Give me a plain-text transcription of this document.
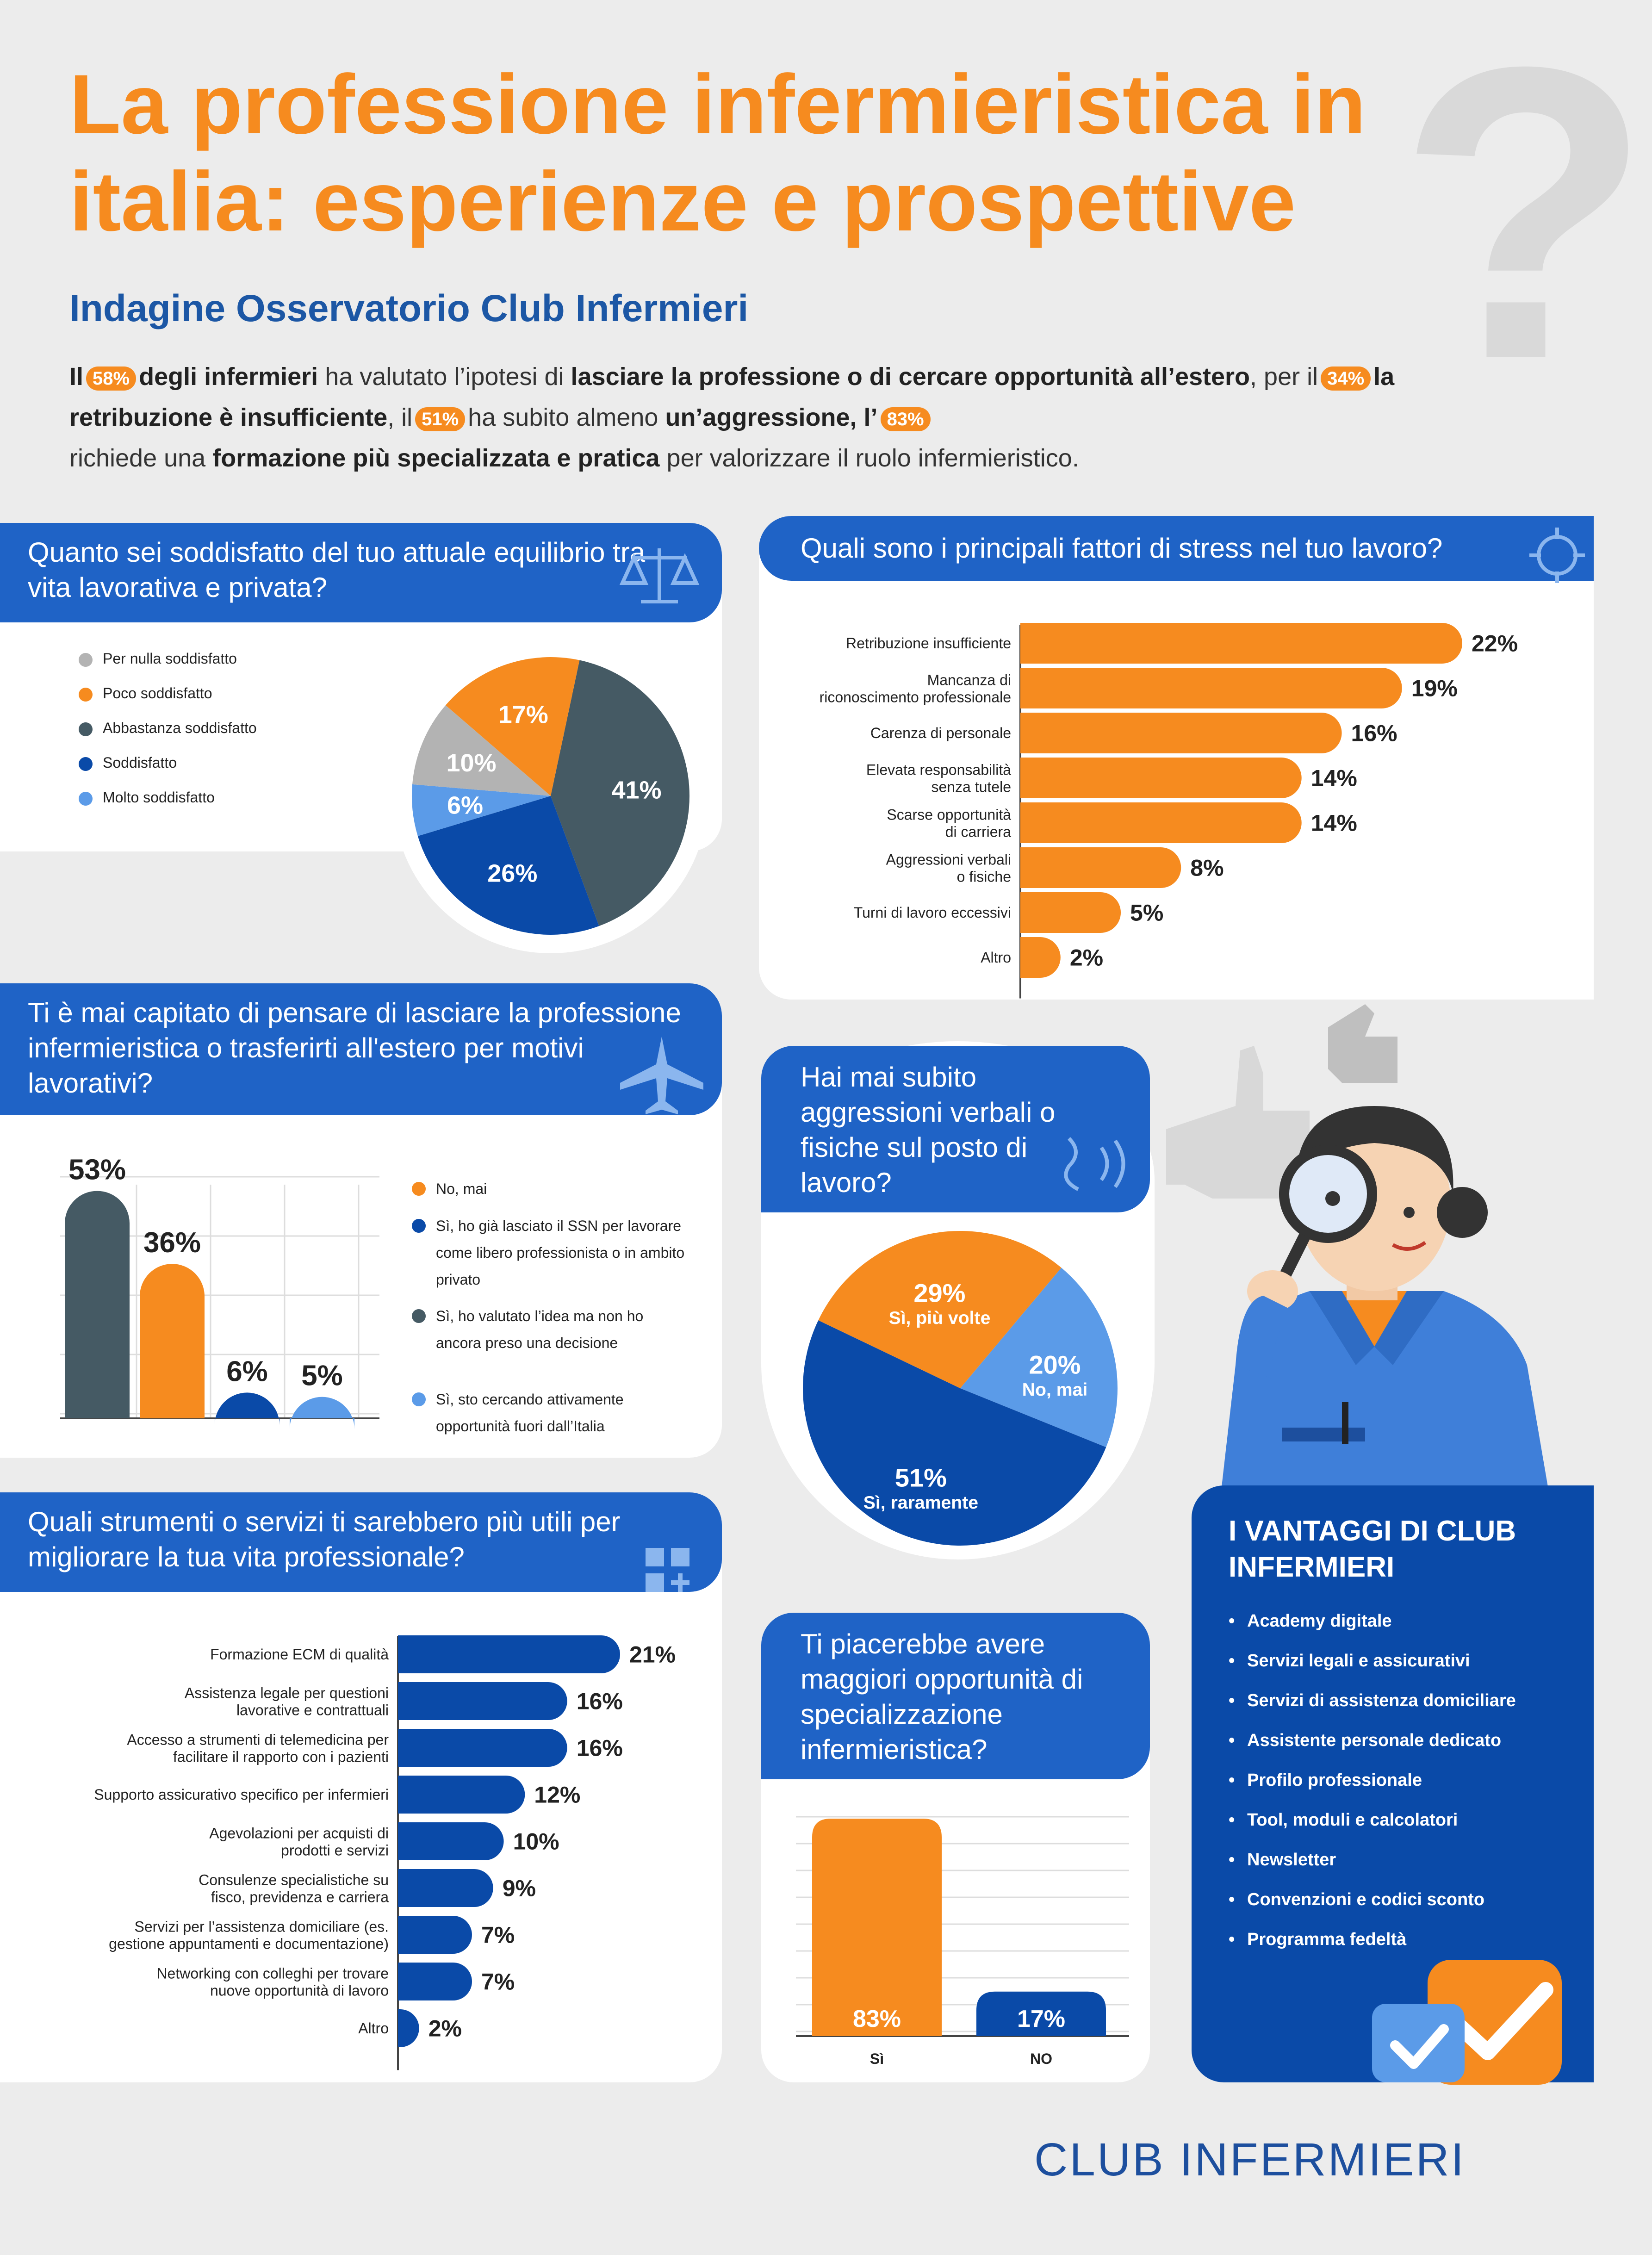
?
La professione infermieristica in italia: esperienze e prospettive
Indagine Osservatorio Club Infermieri
Il 58% degli infermieri ha valutato l’ipotesi di lasciare la professione o di cercare opportunità all’estero, per il 34% la retribuzione è insufficiente, il 51% ha subito almeno un’aggressione, l’ 83%
richiede una formazione più specializzata e pratica per valorizzare il ruolo infermieristico.
Quanto sei soddisfatto del tuo attuale equilibrio tra vita lavorativa e privata?
41%
26%
6%
10%
17%
Per nulla soddisfatto
Poco soddisfatto
Abbastanza soddisfatto
Soddisfatto
Molto soddisfatto
Quali sono i principali fattori di stress nel tuo lavoro?
22%
Retribuzione insufficiente
19%
Mancanza di riconoscimento professionale
16%
Carenza di personale
14%
Elevata responsabilità senza tutele
14%
Scarse opportunità di carriera
8%
Aggressioni verbali o fisiche
5%
Turni di lavoro eccessivi
2%
Altro
Ti è mai capitato di pensare di lasciare la professione infermieristica o trasferirti all'estero per motivi lavorativi?
53%
36%
6% 5%
No, mai
Sì, ho già lasciato il SSN per lavorare come libero professionista o in ambito privato
Sì, ho valutato l’idea ma non ho ancora preso una decisione
Sì, sto cercando attivamente opportunità fuori dall’Italia
Hai mai subito aggressioni verbali o fisiche sul posto di lavoro?
20%
No, mai
51%
Sì, raramente
29%
Sì, più volte
Quali strumenti o servizi ti sarebbero più utili per migliorare la tua vita professionale?
21%
Formazione ECM di qualità
16%
Assistenza legale per questioni lavorative e contrattuali
16%
Accesso a strumenti di telemedicina per facilitare il rapporto con i pazienti
12%
Supporto assicurativo specifico per infermieri
10%
Agevolazioni per acquisti di prodotti e servizi
9%
Consulenze specialistiche su fisco, previdenza e carriera
7%
Servizi per l’assistenza domiciliare (es. gestione appuntamenti e documentazione)
7%
Networking con colleghi per trovare nuove opportunità di lavoro
2%
Altro
Ti piacerebbe avere maggiori opportunità di specializzazione infermieristica?
83%
Sì
17%
NO
I VANTAGGI DI CLUB INFERMIERI
• Academy digitale
• Servizi legali e assicurativi
• Servizi di assistenza domiciliare
• Assistente personale dedicato
• Profilo professionale
• Tool, moduli e calcolatori
• Newsletter
• Convenzioni e codici sconto
• Programma fedeltà
CLUB INFERMIERI
